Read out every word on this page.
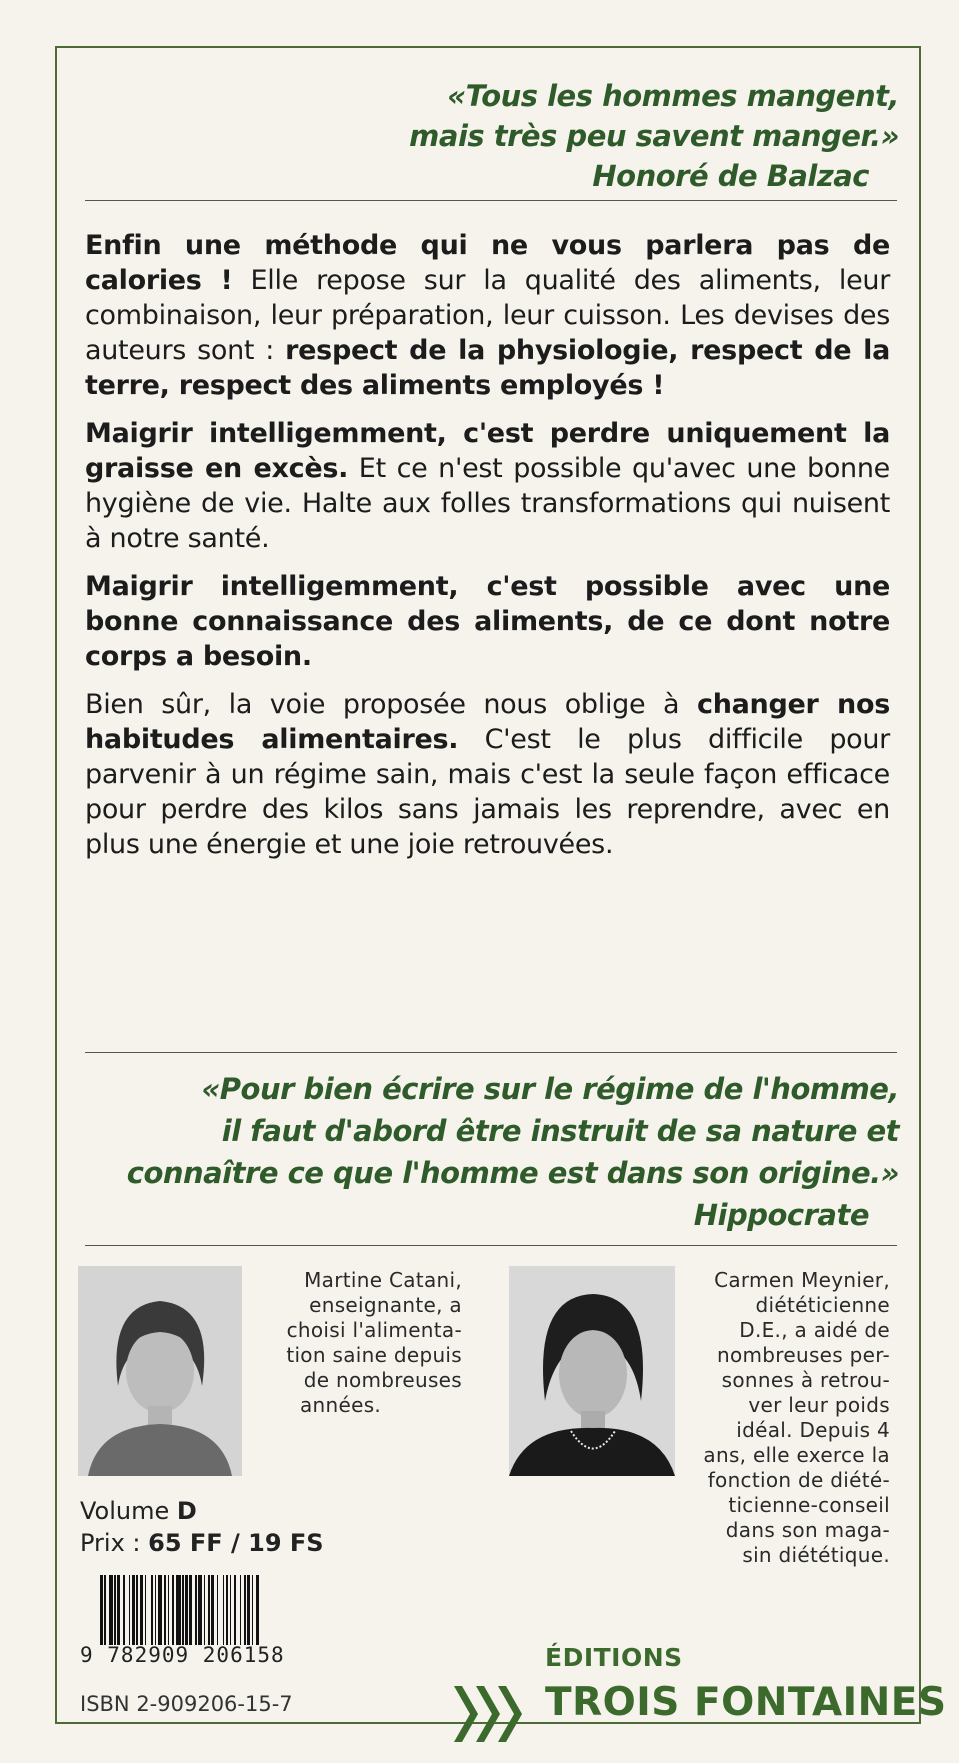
«Tous les hommes mangent,
mais très peu savent manger.»
Honoré de Balzac

Enfin une méthode qui ne vous parlera pas de calories ! Elle repose sur la qualité des aliments, leur combinaison, leur préparation, leur cuisson. Les devises des auteurs sont : respect de la physiologie, respect de la terre, respect des aliments employés !

Maigrir intelligemment, c'est perdre uniquement la graisse en excès. Et ce n'est possible qu'avec une bonne hygiène de vie. Halte aux folles transformations qui nuisent à notre santé.

Maigrir intelligemment, c'est possible avec une bonne connaissance des aliments, de ce dont notre corps a besoin.

Bien sûr, la voie proposée nous oblige à changer nos habitudes alimentaires. C'est le plus difficile pour parvenir à un régime sain, mais c'est la seule façon efficace pour perdre des kilos sans jamais les reprendre, avec en plus une énergie et une joie retrouvées.

«Pour bien écrire sur le régime de l'homme,
il faut d'abord être instruit de sa nature et
connaître ce que l'homme est dans son origine.»
Hippocrate
Martine Catani,
enseignante, a
choisi l'alimenta-
tion saine depuis
de nombreuses
années.
Carmen Meynier,
diététicienne
D.E., a aidé de
nombreuses per-
sonnes à retrou-
ver leur poids
idéal. Depuis 4
ans, elle exerce la
fonction de diété-
ticienne-conseil
dans son maga-
sin diététique.
Volume D
Prix : 65 FF / 19 FS
9 782909 206158
ISBN 2-909206-15-7
ÉDITIONS
TROIS FONTAINES
